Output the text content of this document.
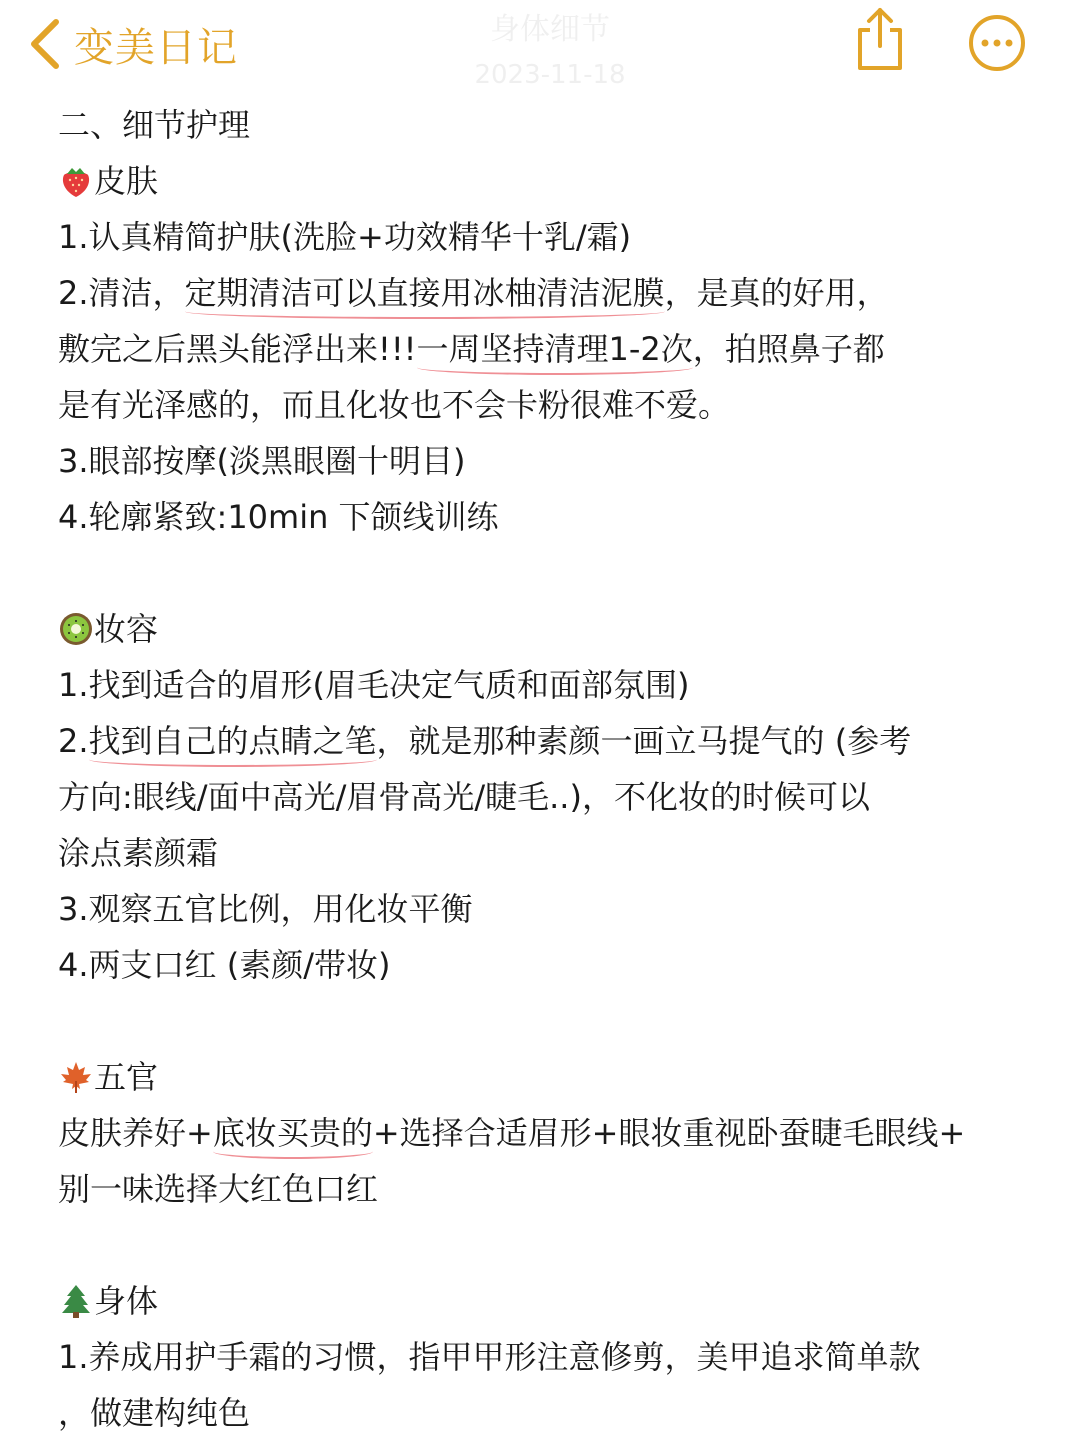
身体细节
2023-11-18
变美日记
二、细节护理
皮肤
1.认真精简护肤(洗脸+功效精华十乳/霜)
2.清洁，定期清洁可以直接用冰柚清洁泥膜，是真的好用，
敷完之后黑头能浮出来!!!一周坚持清理1-2次，拍照鼻子都
是有光泽感的，而且化妆也不会卡粉很难不爱。
3.眼部按摩(淡黑眼圈十明目)
4.轮廓紧致:10min 下颌线训练
妆容
1.找到适合的眉形(眉毛决定气质和面部氛围)
2.找到自己的点睛之笔，就是那种素颜一画立马提气的 (参考
方向:眼线/面中高光/眉骨高光/睫毛..)，不化妆的时候可以
涂点素颜霜
3.观察五官比例，用化妆平衡
4.两支口红 (素颜/带妆)
五官
皮肤养好+底妆买贵的+选择合适眉形+眼妆重视卧蚕睫毛眼线+
别一味选择大红色口红
身体
1.养成用护手霜的习惯，指甲甲形注意修剪，美甲追求简单款
，做建构纯色
